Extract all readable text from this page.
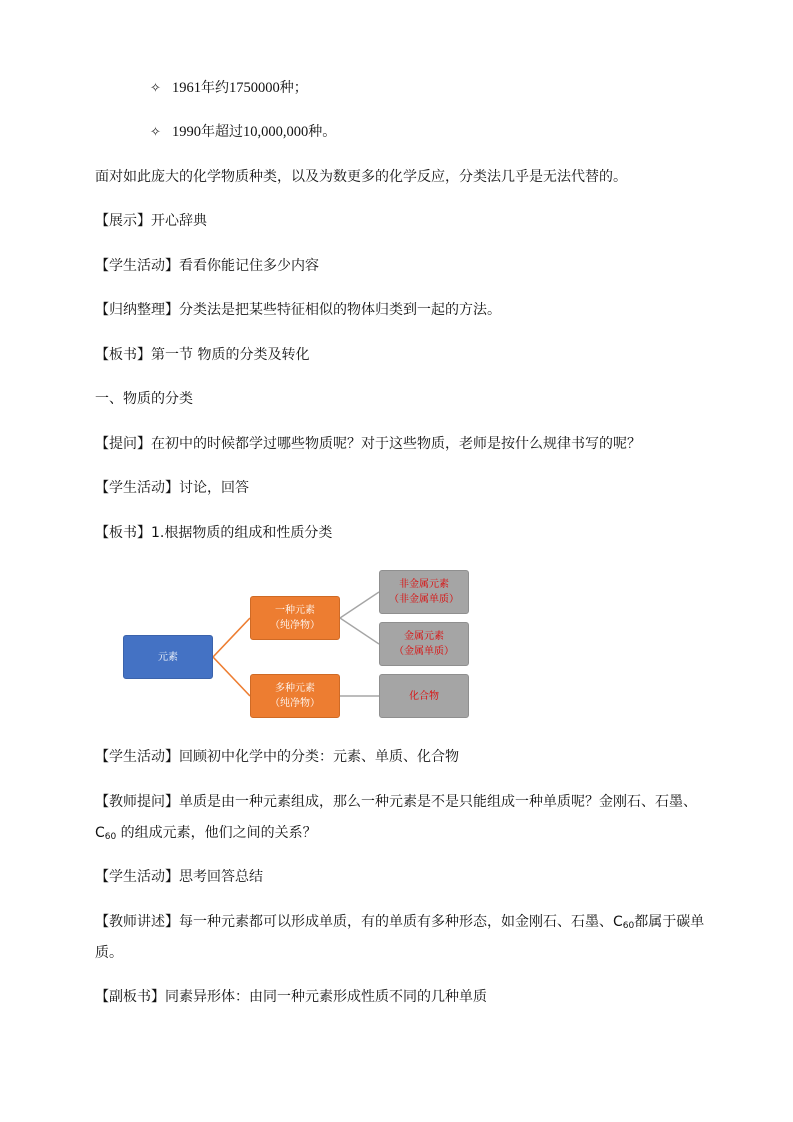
✧ 1961年约1750000种；
✧ 1990年超过10,000,000种。
面对如此庞大的化学物质种类，以及为数更多的化学反应，分类法几乎是无法代替的。
【展示】开心辞典
【学生活动】看看你能记住多少内容
【归纳整理】分类法是把某些特征相似的物体归类到一起的方法。
【板书】第一节 物质的分类及转化
一、物质的分类
【提问】在初中的时候都学过哪些物质呢？对于这些物质，老师是按什么规律书写的呢？
【学生活动】讨论，回答
【板书】1.根据物质的组成和性质分类
元素
一种元素
（纯净物）
多种元素
（纯净物）
非金属元素
（非金属单质）
金属元素
（金属单质）
化合物
【学生活动】回顾初中化学中的分类：元素、单质、化合物
【教师提问】单质是由一种元素组成，那么一种元素是不是只能组成一种单质呢？金刚石、石墨、
$C_{60}$ 的组成元素，他们之间的关系？
【学生活动】思考回答总结
【教师讲述】每一种元素都可以形成单质，有的单质有多种形态，如金刚石、石墨、$C_{60}$都属于碳单
质。
【副板书】同素异形体：由同一种元素形成性质不同的几种单质
